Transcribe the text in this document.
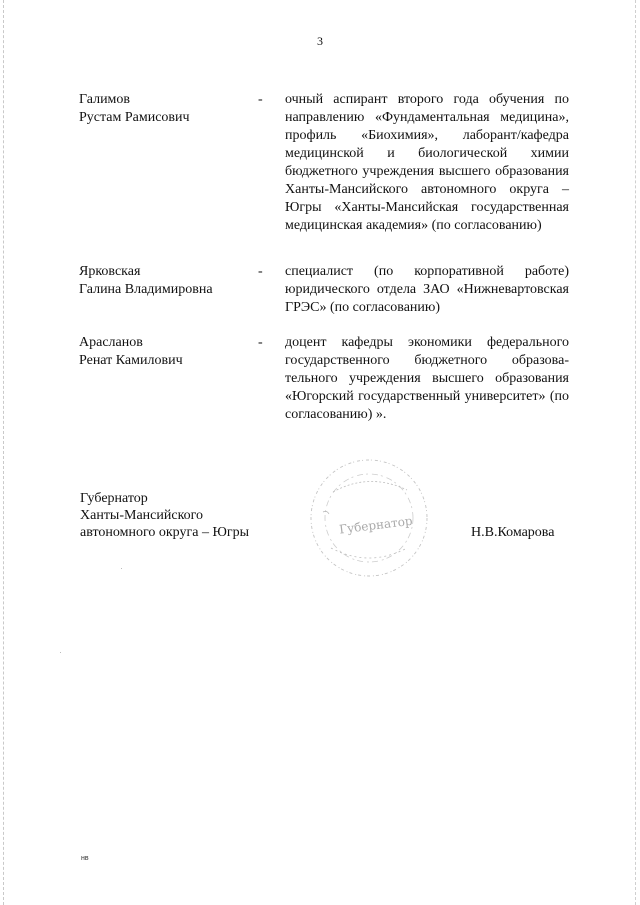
3
Галимов
Рустам Рамисович
- очный аспирант второго года обучения по направлению «Фундаментальная медицина», профиль «Биохимия», лаборант/кафедра медицинской и биологической химии бюджетного учреждения высшего образования Ханты-Мансийского автономного округа – Югры «Ханты-Мансийская государственная медицинская академия» (по согласованию)
Ярковская
Галина Владимировна
- специалист (по корпоративной работе) юридического отдела ЗАО «Нижневартовская ГРЭС» (по согласованию)
Арасланов
Ренат Камилович
- доцент кафедры экономики федерального государственного бюджетного образовательного учреждения высшего образования «Югорский государственный университет» (по согласованию) ».
Губернатор
Ханты-Мансийского
автономного округа – Югры	Губернатор	Н.В.Комарова
нв
